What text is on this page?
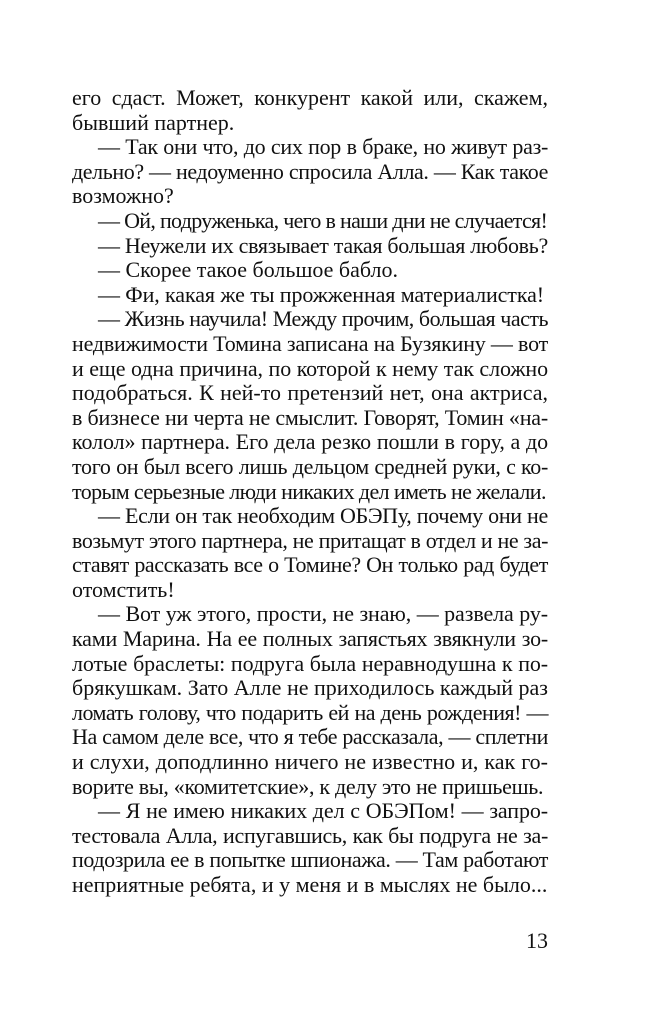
его сдаст. Может, конкурент какой или, скажем,
бывший партнер.
— Так они что, до сих пор в браке, но живут раз-
дельно? — недоуменно спросила Алла. — Как такое
возможно?
— Ой, подруженька, чего в наши дни не случается!
— Неужели их связывает такая большая любовь?
— Скорее такое большое бабло.
— Фи, какая же ты прожженная материалистка!
— Жизнь научила! Между прочим, большая часть
недвижимости Томина записана на Бузякину — вот
и еще одна причина, по которой к нему так сложно
подобраться. К ней-то претензий нет, она актриса,
в бизнесе ни черта не смыслит. Говорят, Томин «на-
колол» партнера. Его дела резко пошли в гору, а до
того он был всего лишь дельцом средней руки, с ко-
торым серьезные люди никаких дел иметь не желали.
— Если он так необходим ОБЭПу, почему они не
возьмут этого партнера, не притащат в отдел и не за-
ставят рассказать все о Томине? Он только рад будет
отомстить!
— Вот уж этого, прости, не знаю, — развела ру-
ками Марина. На ее полных запястьях звякнули зо-
лотые браслеты: подруга была неравнодушна к по-
брякушкам. Зато Алле не приходилось каждый раз
ломать голову, что подарить ей на день рождения! —
На самом деле все, что я тебе рассказала, — сплетни
и слухи, доподлинно ничего не известно и, как го-
ворите вы, «комитетские», к делу это не пришьешь.
— Я не имею никаких дел с ОБЭПом! — запро-
тестовала Алла, испугавшись, как бы подруга не за-
подозрила ее в попытке шпионажа. — Там работают
неприятные ребята, и у меня и в мыслях не было...
13
